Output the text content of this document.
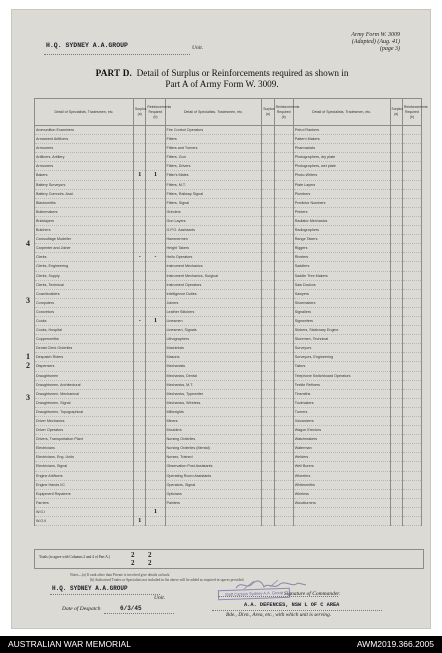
H.Q. SYDNEY A.A.GROUP	Unit.
Army Form W. 3009
(Adapted) (Aug. 41)
(page 3)
PART D. Detail of Surplus or Reinforcements required as shown in
Part A of Army Form W. 3009.
Detail of Specialists, Tradesmen, etc.	Surplus (a)	Reinforcements Required (b)	Detail of Specialists, Tradesmen, etc.	Surplus (a)	Reinforcements Required (b)	Detail of Specialists, Tradesmen, etc.	Surplus (a)	Reinforcements Required (b)
Ammunition Examiners			Fire Control Operators			Petrol Rankers		
Armament Artificers			Fitters			Pattern Makers		
Armourers			Fitters and Turners			Pharmacists		
Artificers, Artillery			Fitters, Gun			Photographers, dry plate		
Armourers			Fitters, Drivers			Photographers, wet plate		
Bakers	1	1	Fitter's Mates			Photo-Writers		
Battery Surveyors			Fitters, M.T.			Plate Layers		
Battery Comndrs. Asst.			Fitters, Railway Signal			Plumbers		
Blacksmiths			Fitters, Signal			Predictor Numbers		
Boilermakers			Grinders			Printers		
Bricklayers			Gun Layers			Radiator Mechanics		
Butchers			G.P.O. Assistants			Radiographers		
Camouflage Modeller			Hammermen			Range Takers		
Carpenter and Joiner			Height Takers			Riggers		
Clerks	-	-	Helio Operators			Riveters		
Clerks, Engineering			Instrument Mechanics			Saddlers		
Clerks, Supply			Instrument Mechanics, Surgical			Saddle Tree Makers		
Clerks, Technical			Instrument Operators			Saw Doctors		
Coachbuilders			Intelligence Duties			Sawyers		
Computers			Joiners			Shoemakers		
Concretors			Leather Stitchers			Signallers		
Cooks	-	1	Linesmen			Signwriters		
Cooks, Hospital			Linesmen, Signals			Stokers, Stationary Engine		
Coppersmiths			Lithographers			Storemen, Technical		
Dental Clerk Orderlies			Machinists			Surveyors		
Despatch Riders			Masons			Surveyors, Engineering		
Dispensers			Mechanists			Tailors		
Draughtsmen			Mechanics, Dental			Telephone Switchboard Operators		
Draughtsmen, Architectural			Mechanics, M.T.			Textile Refiners		
Draughtsmen, Mechanical			Mechanics, Typewriter			Tinsmiths		
Draughtsmen, Signal			Mechanics, Wireless			Toolmakers		
Draughtsmen, Topographical			Millwrights			Turners		
Driver Mechanics			Miners			Vulcanizers		
Driver Operators			Moulders			Wagon Erectors		
Drivers, Transportation Plant			Nursing Orderlies			Watchmakers		
Electricians			Nursing Orderlies (Mental)			Waterman		
Electricians, Eng. Units			Nurses, Trained			Welders		
Electricians, Signal			Observation Post Assistants			Well Borers		
Engine Artificers			Operating Room Assistants			Wheelers		
Engine Hands I/C			Operators, Signal			Whitesmiths		
Equipment Repairers			Opticians			Wireless		
Farriers			Painters			Woodturners		
W.O.I		1						
W.O.II	1							
4
3
1
2
3
Totals (to agree with Columns 2 and 4 of Part A.)	2 2
2 2
Notes—(a) If rank other than Private is involved give details on back.
(b) Authorised Trades or Specialists not included in list above will be added as required in spaces provided.
H.Q. SYDNEY A.A.GROUP
Unit.
Date of Despatch	6/3/45
Staff Captain Sydney A.A. Group Signature of Commander.
A.A. DEFENCES, NSW L OF C AREA
Bde., Divn., Area, etc., with which unit is serving.
AUSTRALIAN WAR MEMORIAL	AWM2019.366.2005
